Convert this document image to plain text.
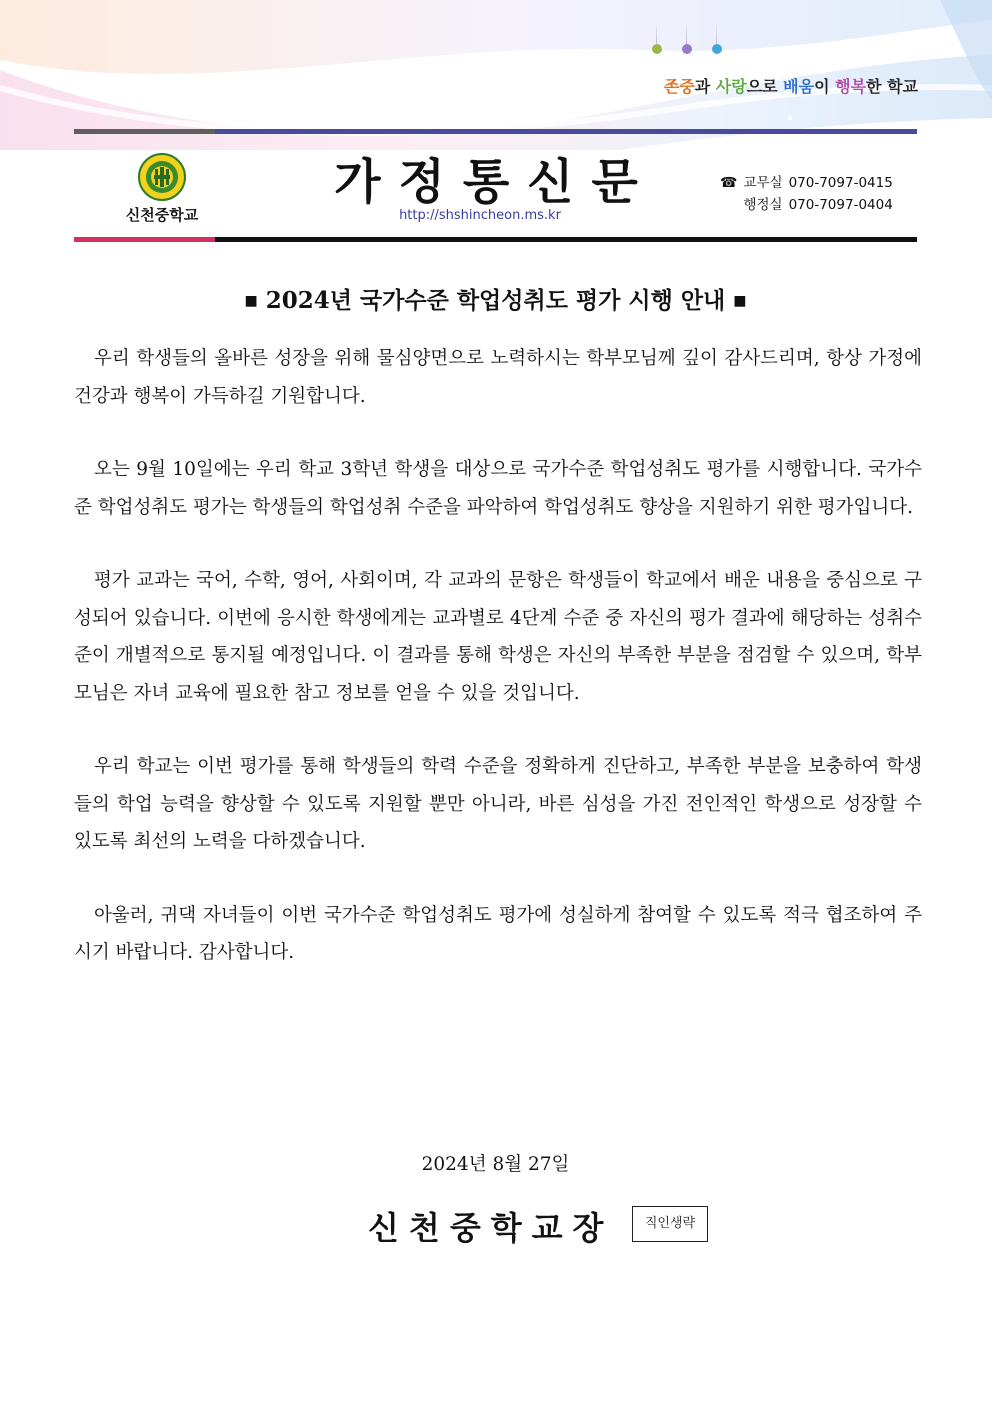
존중과 사랑으로 배움이 행복한 학교
신천중학교
가정통신문
http://shshincheon.ms.kr
☎ 교무실 070-7097-0415
행정실 070-7097-0404
■ 2024년 국가수준 학업성취도 평가 시행 안내 ■

우리 학생들의 올바른 성장을 위해 물심양면으로 노력하시는 학부모님께 깊이 감사드리며, 항상 가정에 건강과 행복이 가득하길 기원합니다.

오는 9월 10일에는 우리 학교 3학년 학생을 대상으로 국가수준 학업성취도 평가를 시행합니다. 국가수준 학업성취도 평가는 학생들의 학업성취 수준을 파악하여 학업성취도 향상을 지원하기 위한 평가입니다.

평가 교과는 국어, 수학, 영어, 사회이며, 각 교과의 문항은 학생들이 학교에서 배운 내용을 중심으로 구성되어 있습니다. 이번에 응시한 학생에게는 교과별로 4단계 수준 중 자신의 평가 결과에 해당하는 성취수준이 개별적으로 통지될 예정입니다. 이 결과를 통해 학생은 자신의 부족한 부분을 점검할 수 있으며, 학부모님은 자녀 교육에 필요한 참고 정보를 얻을 수 있을 것입니다.

우리 학교는 이번 평가를 통해 학생들의 학력 수준을 정확하게 진단하고, 부족한 부분을 보충하여 학생들의 학업 능력을 향상할 수 있도록 지원할 뿐만 아니라, 바른 심성을 가진 전인적인 학생으로 성장할 수 있도록 최선의 노력을 다하겠습니다.

아울러, 귀댁 자녀들이 이번 국가수준 학업성취도 평가에 성실하게 참여할 수 있도록 적극 협조하여 주시기 바랍니다. 감사합니다.

2024년 8월 27일
신천중학교장	직인생략
